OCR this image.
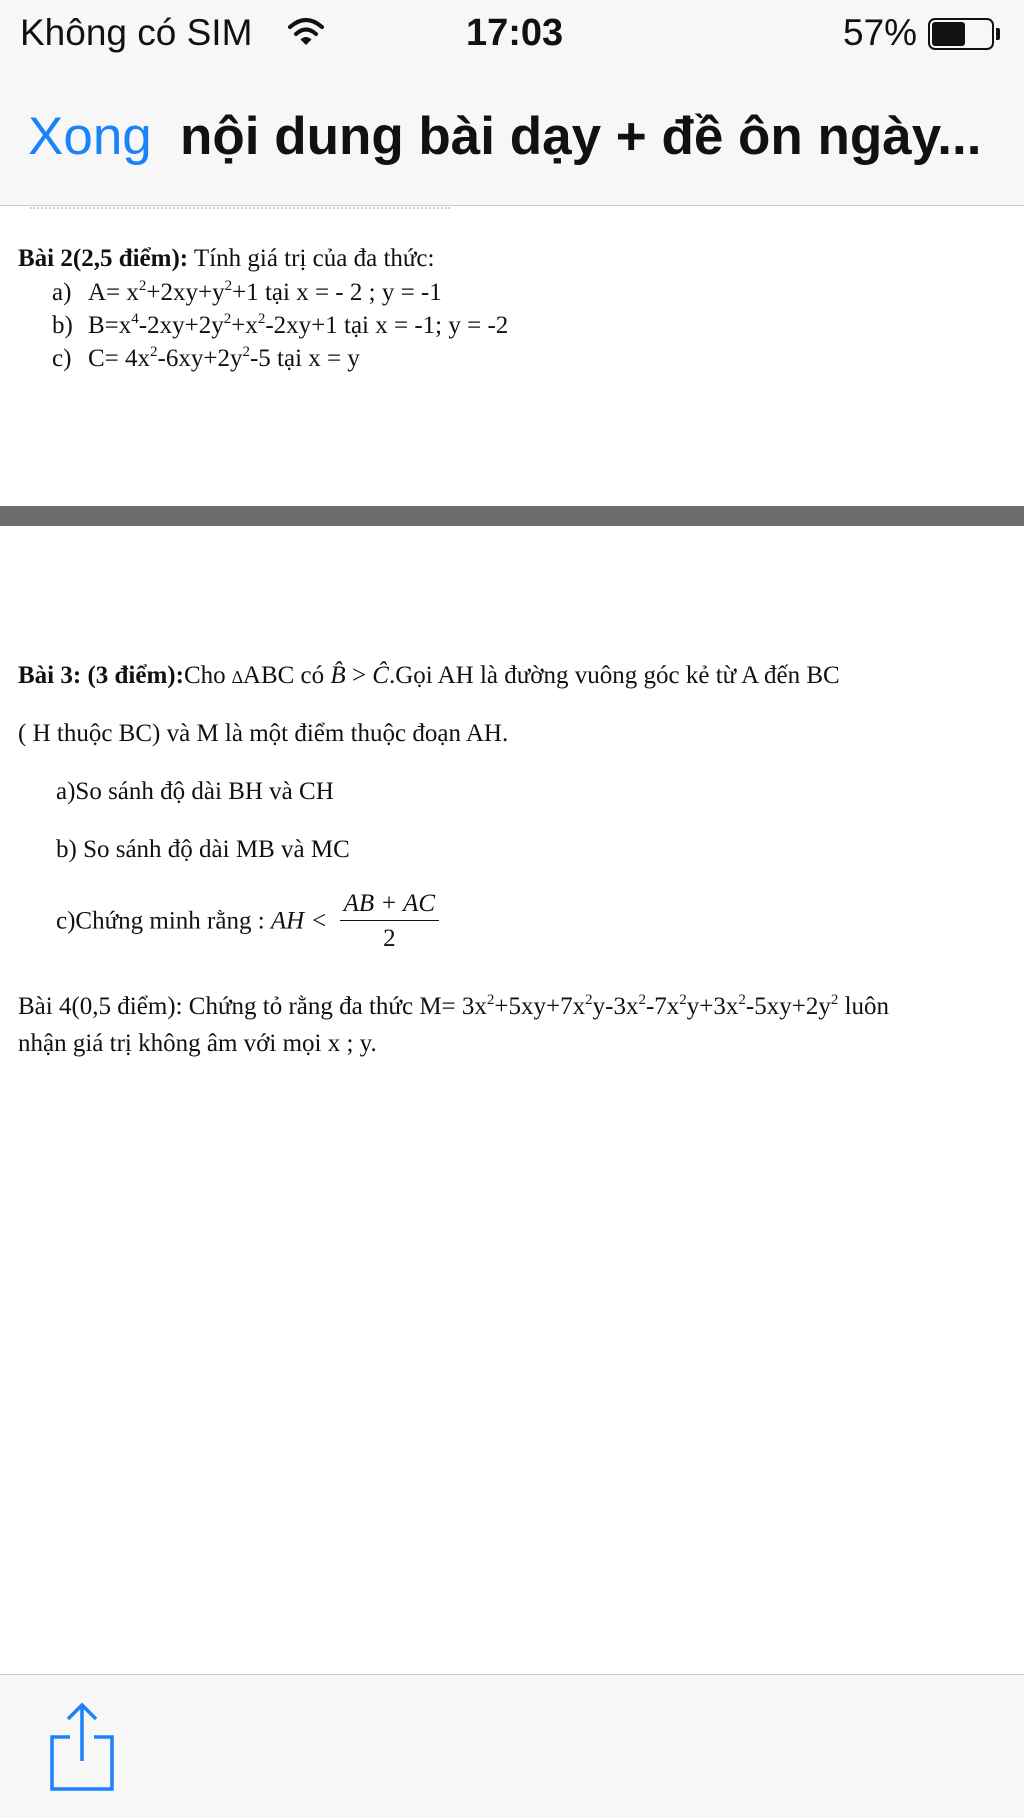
Không có SIM	17:03	57%
Xong nội dung bài dạy + đề ôn ngày...
Bài 2(2,5 điểm): Tính giá trị của đa thức:
a) $A= x^2+2xy+y^2+1$ tại x = - 2 ; y = -1
b) $B=x^4-2xy+2y^2+x^2-2xy+1$ tại x = -1; y = -2
c) $C= 4x^2-6xy+2y^2-5$ tại x = y
Bài 3: (3 điểm):Cho ∆ABC có B̂ > Ĉ.Gọi AH là đường vuông góc kẻ từ A đến BC
( H thuộc BC) và M là một điểm thuộc đoạn AH.
a)So sánh độ dài BH và CH
b) So sánh độ dài MB và MC
c)Chứng minh rằng : AH < $\frac{AB + AC}{2}$
Bài 4(0,5 điểm): Chứng tỏ rằng đa thức $M= 3x^2+5xy+7x^2y-3x^2-7x^2y+3x^2-5xy+2y^2$ luôn
nhận giá trị không âm với mọi x ; y.
